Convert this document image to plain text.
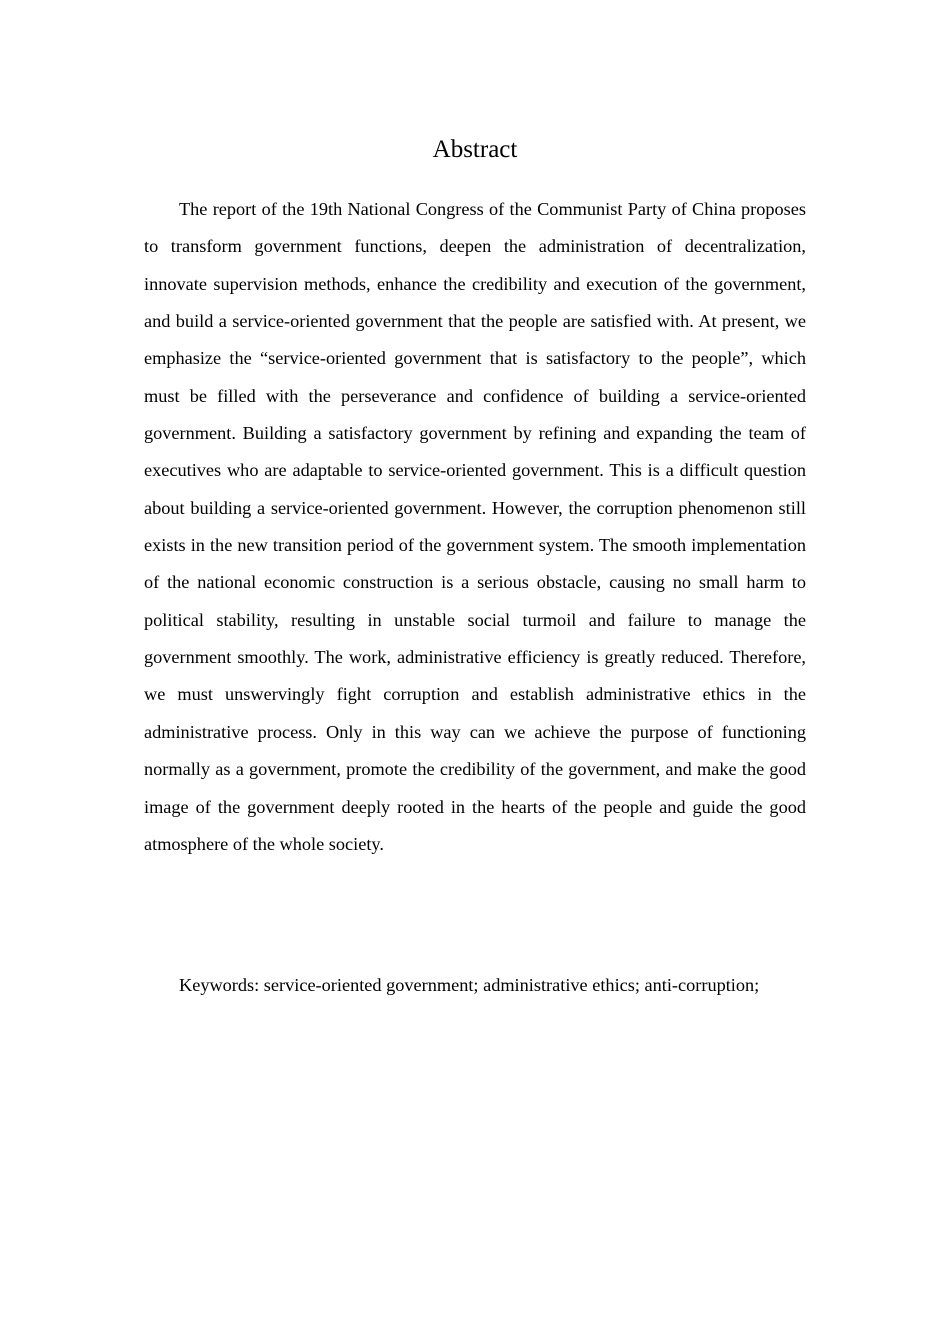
Abstract

The report of the 19th National Congress of the Communist Party of China proposes to transform government functions, deepen the administration of decentralization, innovate supervision methods, enhance the credibility and execution of the government, and build a service-oriented government that the people are satisfied with. At present, we emphasize the “service-oriented government that is satisfactory to the people”, which must be filled with the perseverance and confidence of building a service-oriented government. Building a satisfactory government by refining and expanding the team of executives who are adaptable to service-oriented government. This is a difficult question about building a service-oriented government. However, the corruption phenomenon still exists in the new transition period of the government system. The smooth implementation of the national economic construction is a serious obstacle, causing no small harm to political stability, resulting in unstable social turmoil and failure to manage the government smoothly. The work, administrative efficiency is greatly reduced. Therefore, we must unswervingly fight corruption and establish administrative ethics in the administrative process. Only in this way can we achieve the purpose of functioning normally as a government, promote the credibility of the government, and make the good image of the government deeply rooted in the hearts of the people and guide the good atmosphere of the whole society.

Keywords: service-oriented government; administrative ethics; anti-corruption;
